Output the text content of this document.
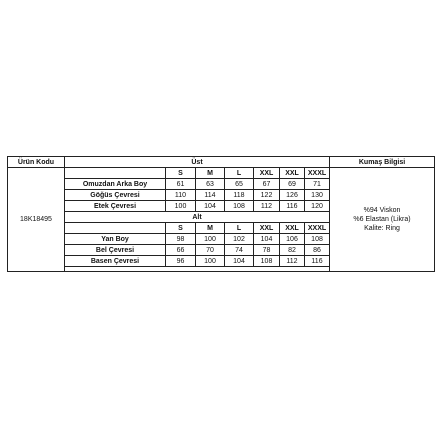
Ürün Kodu	Üst							Kumaş Bilgisi
18K18495		S	M	L	XXL	XXL	XXXL	%94 Viskon
%6 Elastan (Likra)
Kalite: Ring

	Omuzdan Arka Boy	61	63	65	67	69	71	
	Göğüs Çevresi	110	114	118	122	126	130	
	Etek Çevresi	100	104	108	112	116	120	
	Alt							
		S	M	L	XXL	XXL	XXXL	
	Yan Boy	98	100	102	104	106	108	
	Bel Çevresi	66	70	74	78	82	86	
	Basen Çevresi	96	100	104	108	112	116	
